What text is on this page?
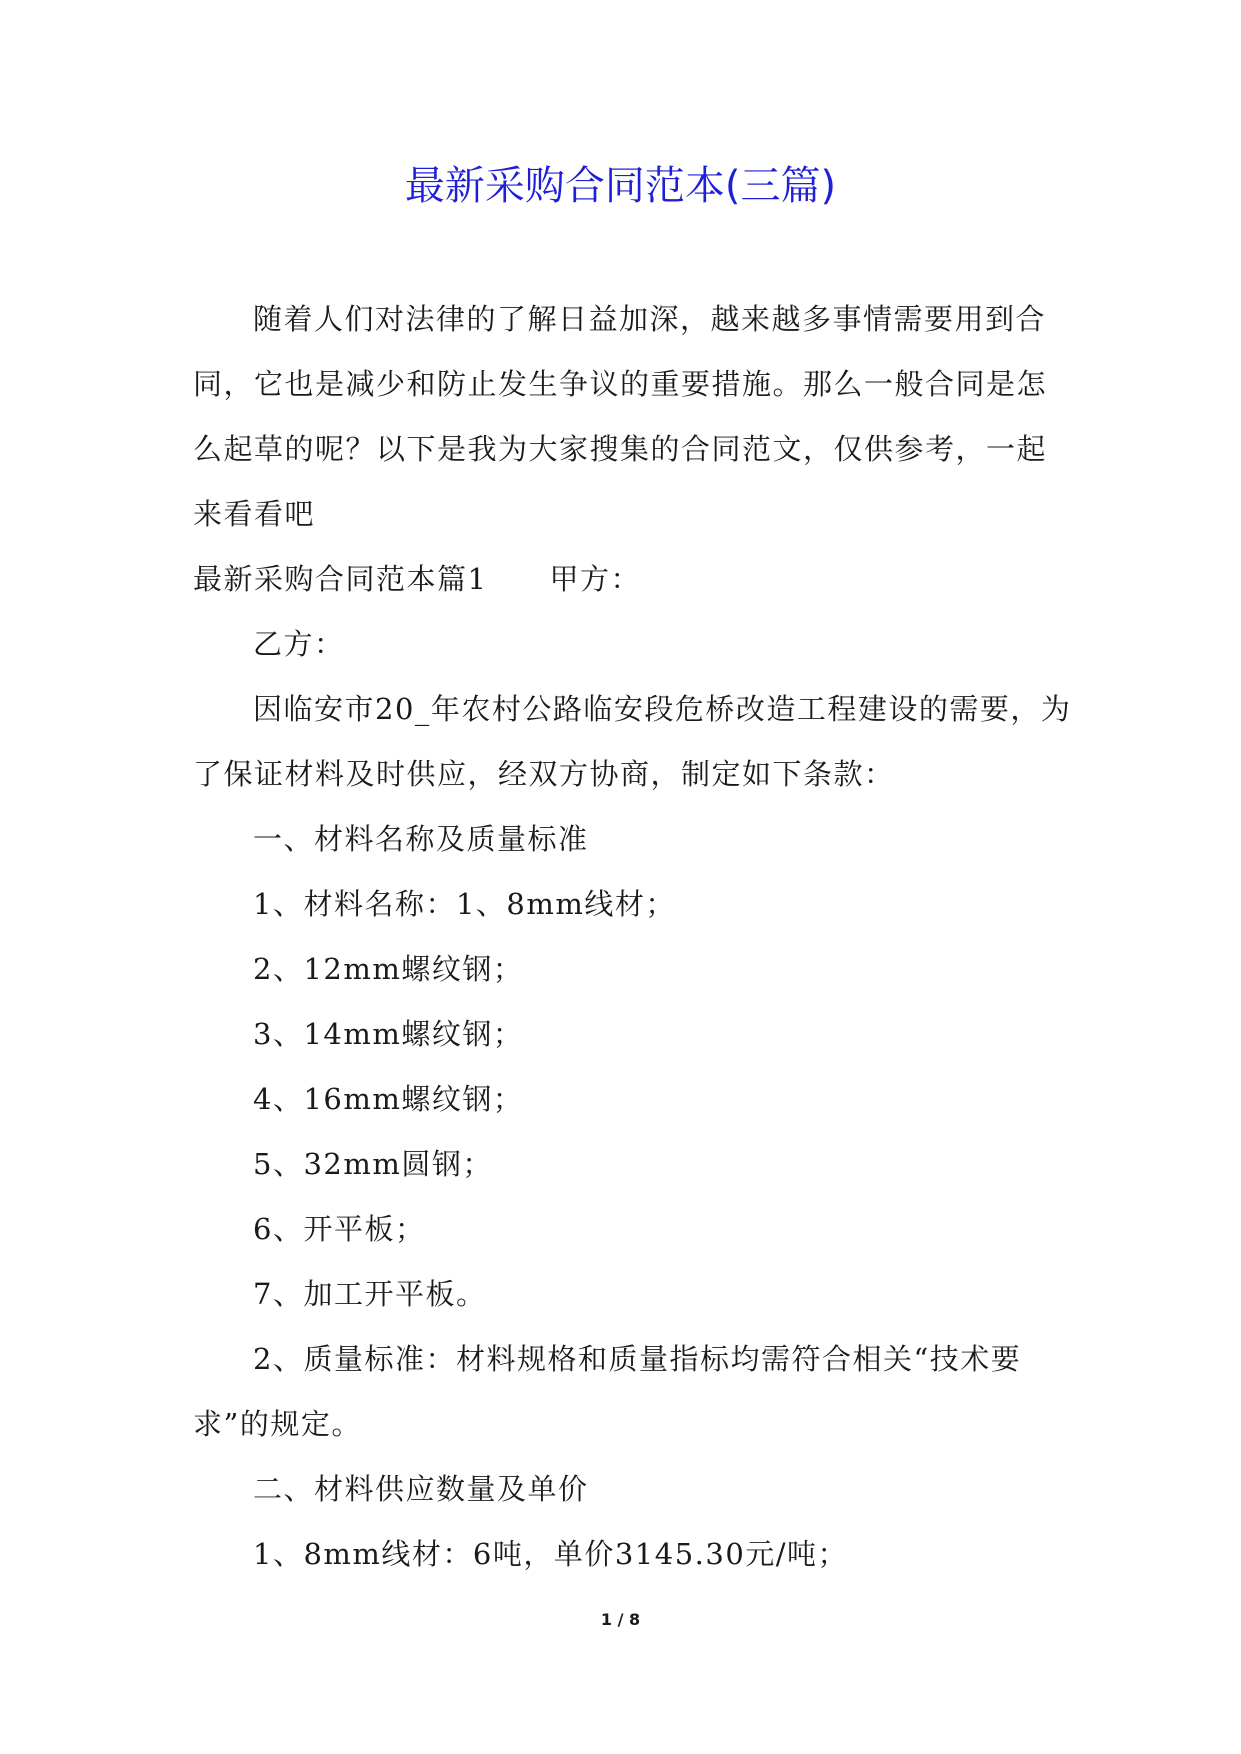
最新采购合同范本(三篇)

随着人们对法律的了解日益加深，越来越多事情需要用到合同，它也是减少和防止发生争议的重要措施。那么一般合同是怎么起草的呢？以下是我为大家搜集的合同范文，仅供参考，一起来看看吧

最新采购合同范本篇1 甲方：

乙方：

因临安市20_年农村公路临安段危桥改造工程建设的需要，为了保证材料及时供应，经双方协商，制定如下条款：

一、材料名称及质量标准

1、材料名称：1、8mm线材；

2、12mm螺纹钢；

3、14mm螺纹钢；

4、16mm螺纹钢；

5、32mm圆钢；

6、开平板；

7、加工开平板。

2、质量标准：材料规格和质量指标均需符合相关“技术要求”的规定。

二、材料供应数量及单价

1、8mm线材：6吨，单价3145.30元/吨；

1 / 8
